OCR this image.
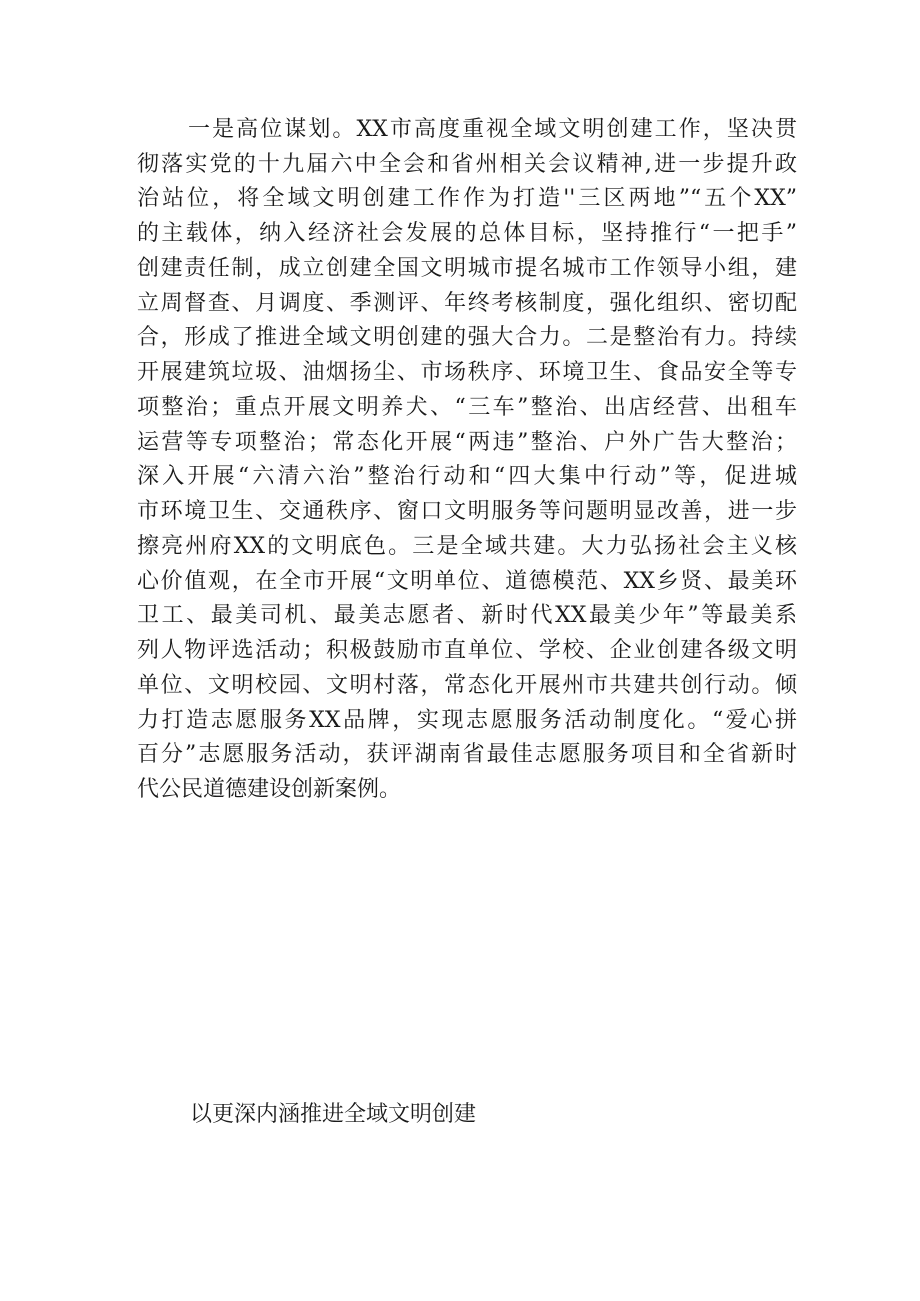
一是高位谋划。XX市高度重视全域文明创建工作，坚决贯
彻落实党的十九届六中全会和省州相关会议精神,进一步提升政
治站位，将全域文明创建工作作为打造''三区两地”“五个XX”
的主载体，纳入经济社会发展的总体目标，坚持推行“一把手”
创建责任制，成立创建全国文明城市提名城市工作领导小组，建
立周督查、月调度、季测评、年终考核制度，强化组织、密切配
合，形成了推进全域文明创建的强大合力。二是整治有力。持续
开展建筑垃圾、油烟扬尘、市场秩序、环境卫生、食品安全等专
项整治；重点开展文明养犬、“三车”整治、出店经营、出租车
运营等专项整治；常态化开展“两违”整治、户外广告大整治；
深入开展“六清六治”整治行动和“四大集中行动”等，促进城
市环境卫生、交通秩序、窗口文明服务等问题明显改善，进一步
擦亮州府XX的文明底色。三是全域共建。大力弘扬社会主义核
心价值观，在全市开展“文明单位、道德模范、XX乡贤、最美环
卫工、最美司机、最美志愿者、新时代XX最美少年”等最美系
列人物评选活动；积极鼓励市直单位、学校、企业创建各级文明
单位、文明校园、文明村落，常态化开展州市共建共创行动。倾
力打造志愿服务XX品牌，实现志愿服务活动制度化。“爱心拼
百分”志愿服务活动，获评湖南省最佳志愿服务项目和全省新时
代公民道德建设创新案例。
以更深内涵推进全域文明创建
